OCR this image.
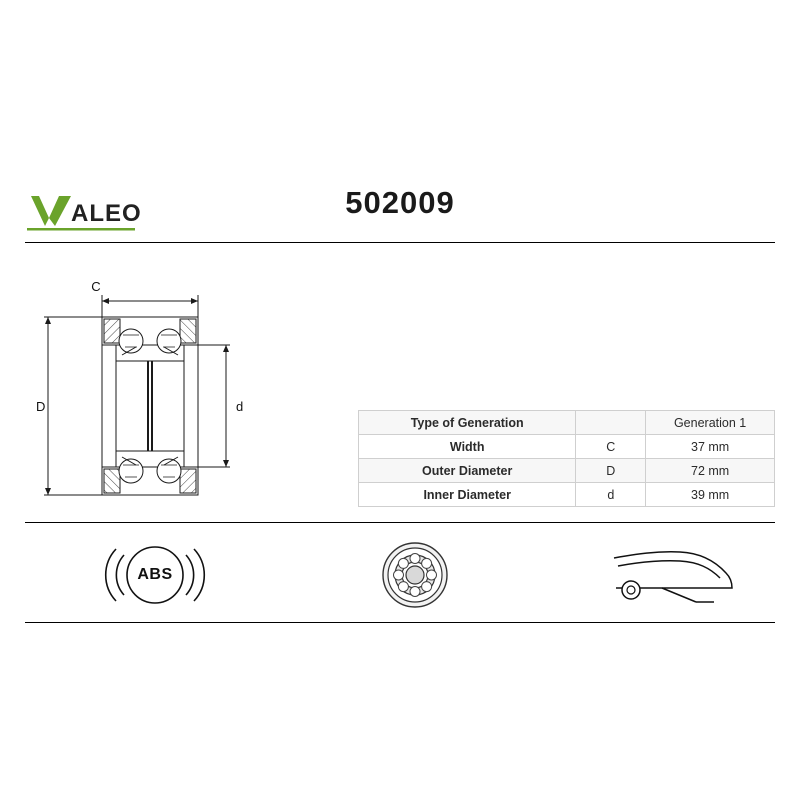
ALEO	502009
C
D	d
Type of Generation		Generation 1
Width	C	37 mm
Outer Diameter	D	72 mm
Inner Diameter	d	39 mm
ABS
